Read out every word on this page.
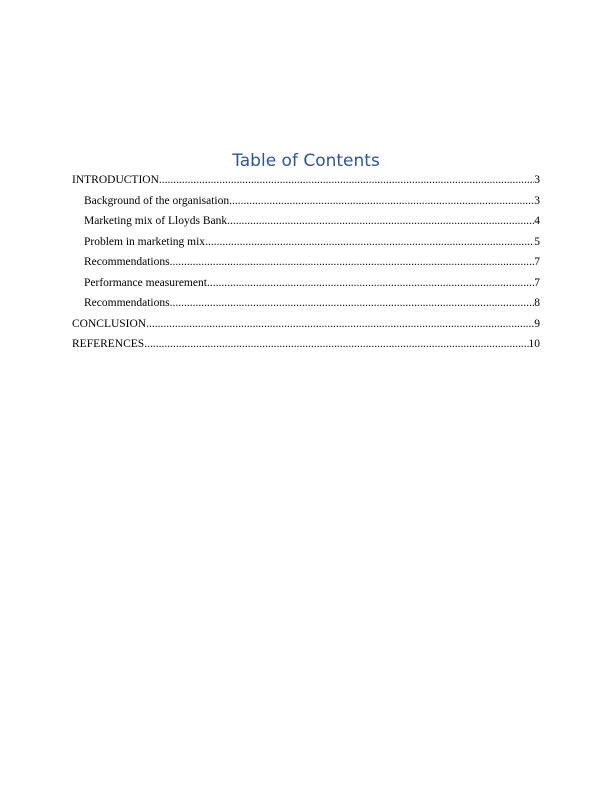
Table of Contents
INTRODUCTION .....	3
Background of the organisation .....	3
Marketing mix of Lloyds Bank .....	4
Problem in marketing mix .....	5
Recommendations .....	7
Performance measurement .....	7
Recommendations .....	8
CONCLUSION .....	9
REFERENCES .....	10
